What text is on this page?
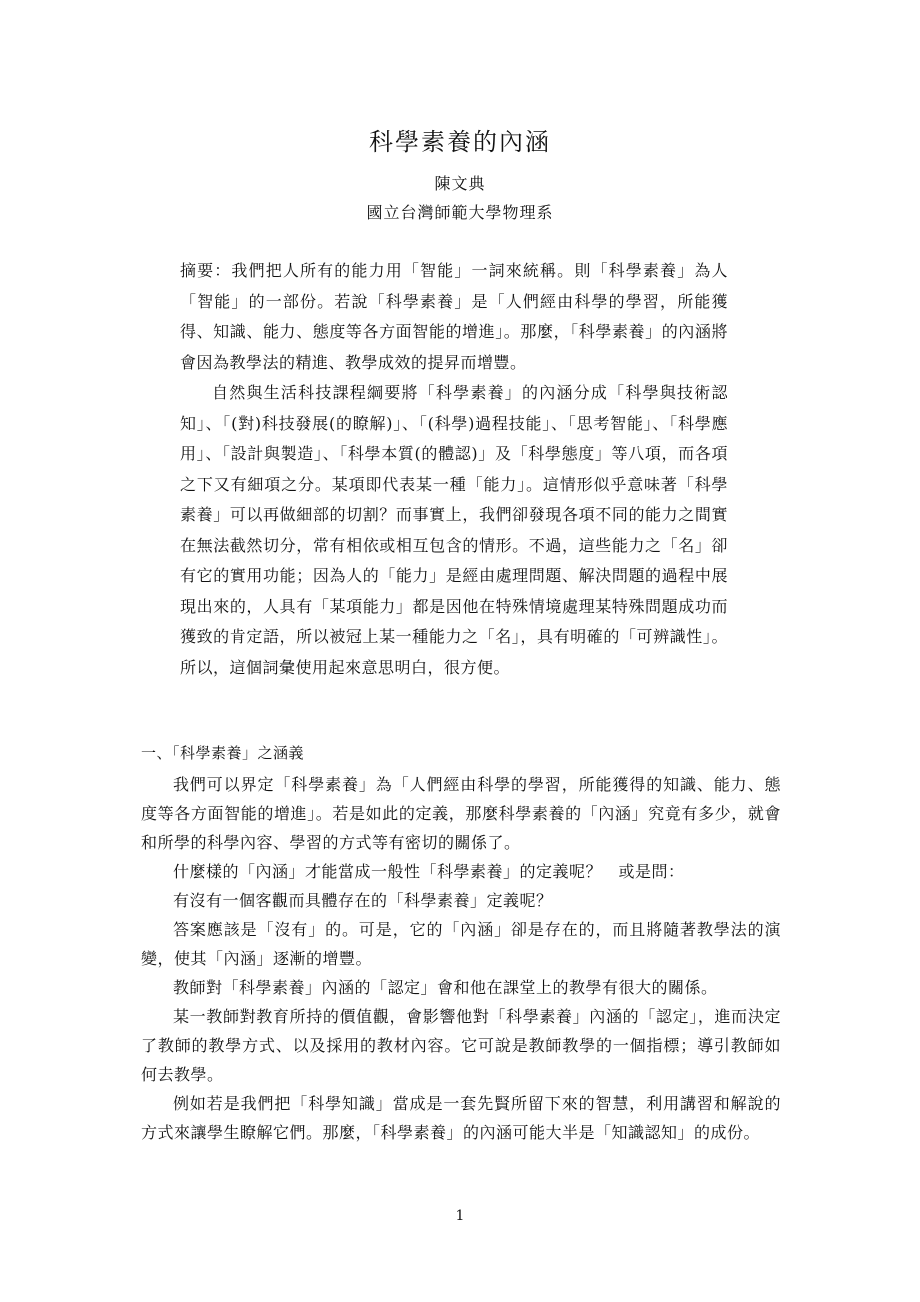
科學素養的內涵
陳文典
國立台灣師範大學物理系

摘要：我們把人所有的能力用「智能」一詞來統稱。則「科學素養」為人「智能」的一部份。若說「科學素養」是「人們經由科學的學習，所能獲得、知識、能力、態度等各方面智能的增進」。那麼，「科學素養」的內涵將會因為教學法的精進、教學成效的提昇而增豐。

自然與生活科技課程綱要將「科學素養」的內涵分成「科學與技術認知」、「(對)科技發展(的瞭解)」、「(科學)過程技能」、「思考智能」、「科學應用」、「設計與製造」、「科學本質(的體認)」及「科學態度」等八項，而各項之下又有細項之分。某項即代表某一種「能力」。這情形似乎意味著「科學素養」可以再做細部的切割？而事實上，我們卻發現各項不同的能力之間實在無法截然切分，常有相依或相互包含的情形。不過，這些能力之「名」卻有它的實用功能；因為人的「能力」是經由處理問題、解決問題的過程中展現出來的，人具有「某項能力」都是因他在特殊情境處理某特殊問題成功而獲致的肯定語，所以被冠上某一種能力之「名」，具有明確的「可辨識性」。所以，這個詞彙使用起來意思明白，很方便。

一、「科學素養」之涵義

我們可以界定「科學素養」為「人們經由科學的學習，所能獲得的知識、能力、態度等各方面智能的增進」。若是如此的定義，那麼科學素養的「內涵」究竟有多少，就會和所學的科學內容、學習的方式等有密切的關係了。

什麼樣的「內涵」才能當成一般性「科學素養」的定義呢？　或是問：

有沒有一個客觀而具體存在的「科學素養」定義呢？

答案應該是「沒有」的。可是，它的「內涵」卻是存在的，而且將隨著教學法的演變，使其「內涵」逐漸的增豐。

教師對「科學素養」內涵的「認定」會和他在課堂上的教學有很大的關係。

某一教師對教育所持的價值觀，會影響他對「科學素養」內涵的「認定」，進而決定了教師的教學方式、以及採用的教材內容。它可說是教師教學的一個指標；導引教師如何去教學。

例如若是我們把「科學知識」當成是一套先賢所留下來的智慧，利用講習和解說的方式來讓學生瞭解它們。那麼，「科學素養」的內涵可能大半是「知識認知」的成份。

1
